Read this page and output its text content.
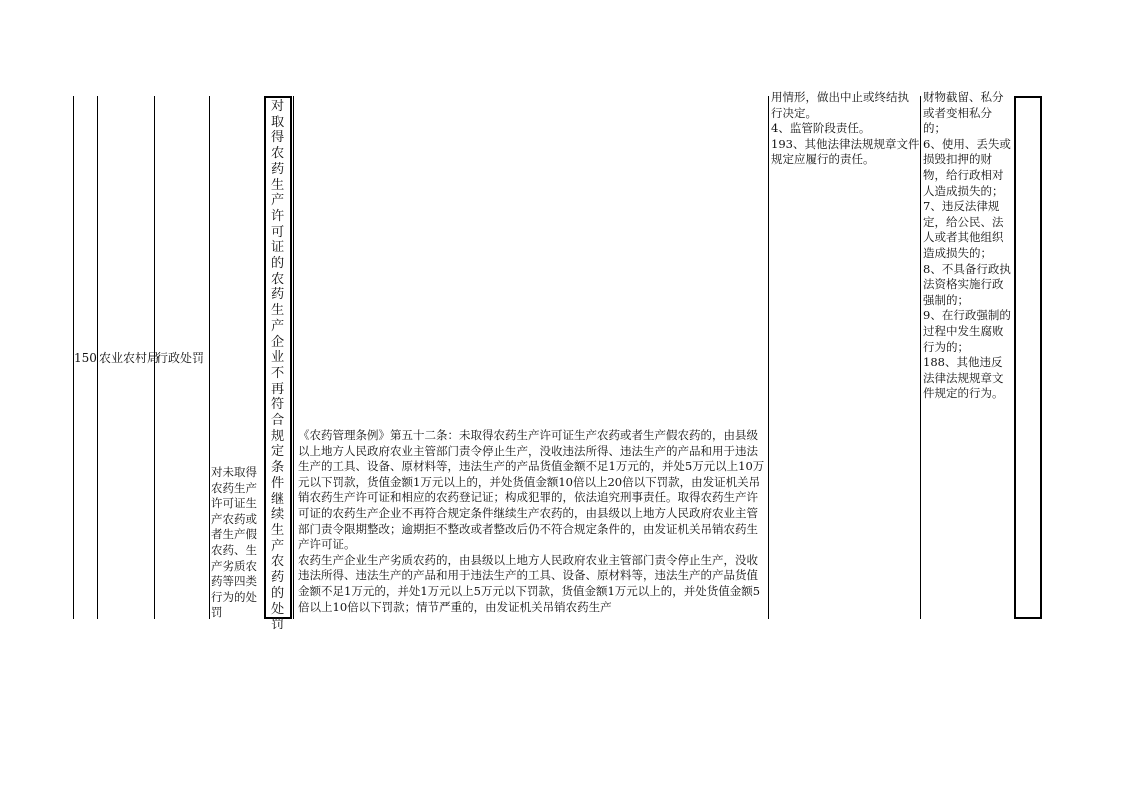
150 农业农村局
行政处罚
对未取得农药生产许可证生产农药或者生产假农药、生产劣质农药等四类行为的处罚
对取得农药生产许可证的农药生产企业不再符合规定条件继续生产农药的处罚
《农药管理条例》第五十二条：未取得农药生产许可证生产农药或者生产假农药的，由县级以上地方人民政府农业主管部门责令停止生产，没收违法所得、违法生产的产品和用于违法生产的工具、设备、原材料等，违法生产的产品货值金额不足1万元的，并处5万元以上10万元以下罚款，货值金额1万元以上的，并处货值金额10倍以上20倍以下罚款，由发证机关吊销农药生产许可证和相应的农药登记证；构成犯罪的，依法追究刑事责任。取得农药生产许可证的农药生产企业不再符合规定条件继续生产农药的，由县级以上地方人民政府农业主管部门责令限期整改；逾期拒不整改或者整改后仍不符合规定条件的，由发证机关吊销农药生产许可证。
农药生产企业生产劣质农药的，由县级以上地方人民政府农业主管部门责令停止生产，没收违法所得、违法生产的产品和用于违法生产的工具、设备、原材料等，违法生产的产品货值金额不足1万元的，并处1万元以上5万元以下罚款，货值金额1万元以上的，并处货值金额5倍以上10倍以下罚款；情节严重的，由发证机关吊销农药生产
用情形，做出中止或终结执行决定。
4、监管阶段责任。
193、其他法律法规规章文件规定应履行的责任。
财物截留、私分或者变相私分的；
6、使用、丢失或损毁扣押的财物，给行政相对人造成损失的；
7、违反法律规定，给公民、法人或者其他组织造成损失的；
8、不具备行政执法资格实施行政强制的；
9、在行政强制的过程中发生腐败行为的；
188、其他违反法律法规规章文件规定的行为。
